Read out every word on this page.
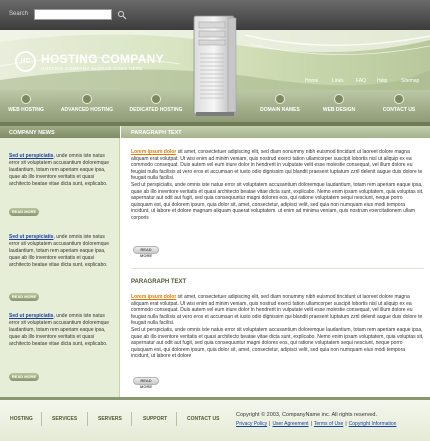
Search
HC HOSTING COMPANY
HOSTING COMPANY SLOGAN GOES HERE
Home	Links FAQ Help	Sitemap
WEB HOSTING	ADVANCED HOSTING	DEDICATED HOSTING	DOMAIN NAMES	WEB DESIGN	CONTACT US
COMPANY NEWS
Sed ut perspiciatis, unde omnis iste natus error sit voluptatem accusantium doloremque laudantium, totam rem aperiam eaque ipsa, quae ab illo inventore veritatis et quasi architecto beatae vitae dicta sunt, explicabo.
READ MORE
Sed ut perspiciatis, unde omnis iste natus error sit voluptatem accusantium doloremque laudantium, totam rem aperiam eaque ipsa, quae ab illo inventore veritatis et quasi architecto beatae vitae dicta sunt, explicabo.
READ MORE
Sed ut perspiciatis, unde omnis iste natus error sit voluptatem accusantium doloremque laudantium, totam rem aperiam eaque ipsa, quae ab illo inventore veritatis et quasi architecto beatae vitae dicta sunt, explicabo.
READ MORE
PARAGRAPH TEXT
Lorem ipsum dolor sit amet, consectetuer adipiscing elit, sed diam nonummy nibh euismod tincidunt ut laoreet dolore magna aliquam erat volutpat. Ut wisi enim ad minim veniam, quis nostrud exerci tation ullamcorper suscipit lobortis nisl ut aliquip ex ea commodo consequat. Duis autem vel eum iriure dolor in hendrerit in vulputate velit esse molestie consequat, vel illum dolore eu feugiat nulla facilisis at vero eros et accumsan et iusto odio dignissim qui blandit praesent luptatum zzril delenit augue duis dolore te feugait nulla facilisi.
Sed ut perspiciatis, unde omnis iste natus error sit voluptatem accusantium doloremque laudantium, totam rem aperiam eaque ipsa, quae ab illo inventore veritatis et quasi architecto beatae vitae dicta sunt, explicabo. Nemo enim ipsam voluptatem, quia voluptas sit, aspernatur aut odit aut fugit, sed quia consequuntur magni dolores eos, qui ratione voluptatem sequi nesciunt, neque porro quisquam est, qui dolorem ipsum, quia dolor sit, amet, consectetur, adipisci velit, sed quia non numquam eius modi tempora incidunt, ut labore et dolore magnam aliquam quaerat voluptatem. ut enim ad minima veniam, quis nostrum exercitationem ullam corporis
READ MORE
PARAGRAPH TEXT
Lorem ipsum dolor sit amet, consectetuer adipiscing elit, sed diam nonummy nibh euismod tincidunt ut laoreet dolore magna aliquam erat volutpat. Ut wisi enim ad minim veniam, quis nostrud exerci tation ullamcorper suscipit lobortis nisl ut aliquip ex ea commodo consequat. Duis autem vel eum iriure dolor in hendrerit in vulputate velit esse molestie consequat, vel illum dolore eu feugiat nulla facilisis at vero eros et accumsan et iusto odio dignissim qui blandit praesent luptatum zzril delenit augue duis dolore te feugait nulla facilisi.
Sed ut perspiciatis, unde omnis iste natus error sit voluptatem accusantium doloremque laudantium, totam rem aperiam eaque ipsa, quae ab illo inventore veritatis et quasi architecto beatae vitae dicta sunt, explicabo. Nemo enim ipsam voluptatem, quia voluptas sit, aspernatur aut odit aut fugit, sed quia consequuntur magni dolores eos, qui ratione voluptatem sequi nesciunt, neque porro quisquam est, qui dolorem ipsum, quia dolor sit, amet, consectetur, adipisci velit, sed quia non numquam eius modi tempora incidunt, ut labore et dolore
READ MORE
HOSTING	SERVICES	SERVERS	SUPPORT	CONTACT US
Copyright © 2003, CompanyName inc. All rights reserved.
Privacy Policy | User Agreement | Terms of Use | Copyright Information
